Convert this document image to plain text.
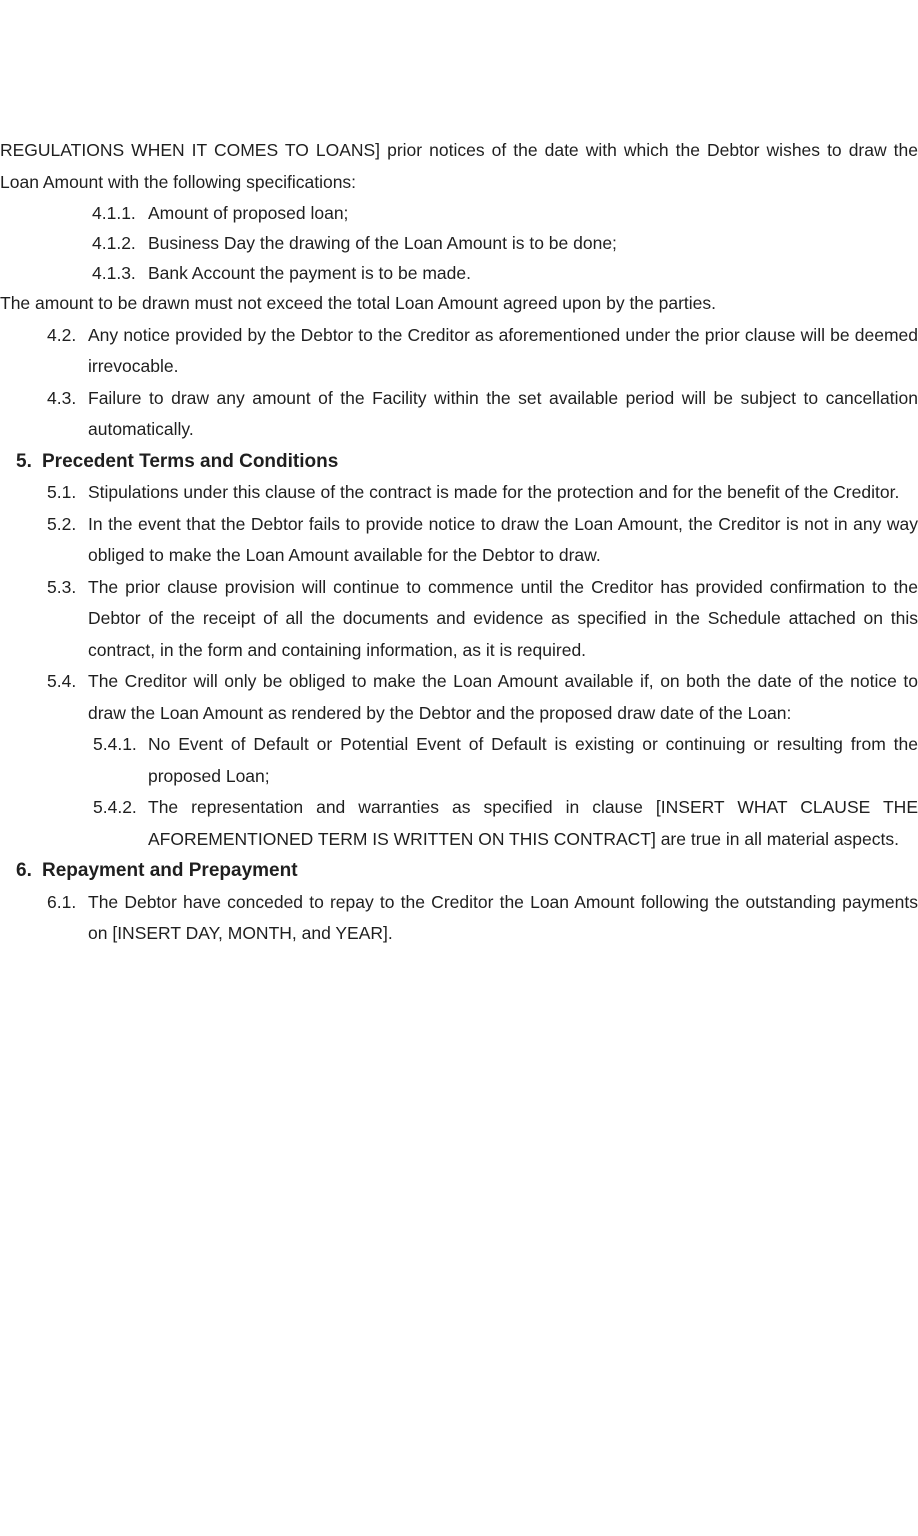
REGULATIONS WHEN IT COMES TO LOANS] prior notices of the date with which the Debtor wishes to draw the Loan Amount with the following specifications:

4.1.1. Amount of proposed loan;
4.1.2. Business Day the drawing of the Loan Amount is to be done;
4.1.3. Bank Account the payment is to be made.

The amount to be drawn must not exceed the total Loan Amount agreed upon by the parties.

4.2. Any notice provided by the Debtor to the Creditor as aforementioned under the prior clause will be deemed irrevocable.
4.3. Failure to draw any amount of the Facility within the set available period will be subject to cancellation automatically.
5. Precedent Terms and Conditions
5.1. Stipulations under this clause of the contract is made for the protection and for the benefit of the Creditor.
5.2. In the event that the Debtor fails to provide notice to draw the Loan Amount, the Creditor is not in any way obliged to make the Loan Amount available for the Debtor to draw.
5.3. The prior clause provision will continue to commence until the Creditor has provided confirmation to the Debtor of the receipt of all the documents and evidence as specified in the Schedule attached on this contract, in the form and containing information, as it is required.
5.4. The Creditor will only be obliged to make the Loan Amount available if, on both the date of the notice to draw the Loan Amount as rendered by the Debtor and the proposed draw date of the Loan:
5.4.1. No Event of Default or Potential Event of Default is existing or continuing or resulting from the proposed Loan;
5.4.2. The representation and warranties as specified in clause [INSERT WHAT CLAUSE THE AFOREMENTIONED TERM IS WRITTEN ON THIS CONTRACT] are true in all material aspects.
6. Repayment and Prepayment
6.1. The Debtor have conceded to repay to the Creditor the Loan Amount following the outstanding payments on [INSERT DAY, MONTH, and YEAR].
